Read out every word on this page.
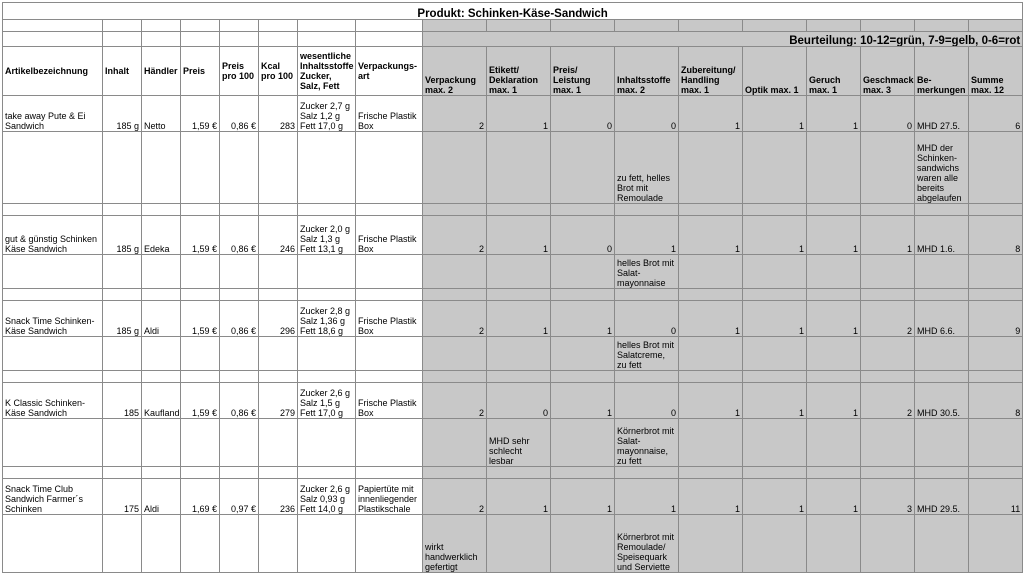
Produkt: Schinken-Käse-Sandwich																	

								Beurteilung: 10-12=grün, 7-9=gelb, 0-6=rot									
Artikelbezeichnung	Inhalt	Händler	Preis	Preis pro 100	Kcal pro 100	wesentliche Inhaltsstoffe Zucker, Salz, Fett	Verpackungs-art	Verpackung max. 2	Etikett/ Deklaration max. 1	Preis/ Leistung max. 1	Inhaltsstoffe max. 2	Zubereitung/ Handling max. 1	Optik max. 1	Geruch max. 1	Geschmack max. 3	Be- merkungen	Summe max. 12
take away Pute & Ei Sandwich	185 g	Netto	1,59 €	0,86 €	283	Zucker 2,7 g Salz 1,2 g Fett 17,0 g	Frische Plastik Box	2	1	0	0	1	1	1	0	MHD 27.5.	6
											zu fett, helles Brot mit Remoulade					MHD der Schinken-sandwichs waren alle bereits abgelaufen	

gut & günstig Schinken Käse Sandwich	185 g	Edeka	1,59 €	0,86 €	246	Zucker 2,0 g Salz 1,3 g Fett 13,1 g	Frische Plastik Box	2	1	0	1	1	1	1	1	MHD 1.6.	8
											helles Brot mit Salat-mayonnaise						

Snack Time Schinken-Käse Sandwich	185 g	Aldi	1,59 €	0,86 €	296	Zucker 2,8 g Salz 1,36 g Fett 18,6 g	Frische Plastik Box	2	1	1	0	1	1	1	2	MHD 6.6.	9
											helles Brot mit Salatcreme, zu fett						

K Classic Schinken-Käse Sandwich	185	Kaufland	1,59 €	0,86 €	279	Zucker 2,6 g Salz 1,5 g Fett 17,0 g	Frische Plastik Box	2	0	1	0	1	1	1	2	MHD 30.5.	8
									MHD sehr schlecht lesbar		Körnerbrot mit Salat-mayonnaise, zu fett						

Snack Time Club Sandwich Farmer´s Schinken	175	Aldi	1,69 €	0,97 €	236	Zucker 2,6 g Salz 0,93 g Fett 14,0 g	Papiertüte mit innenliegender Plastikschale	2	1	1	1	1	1	1	3	MHD 29.5.	11
								wirkt handwerklich gefertigt			Körnerbrot mit Remoulade/ Speisequark und Serviette						
